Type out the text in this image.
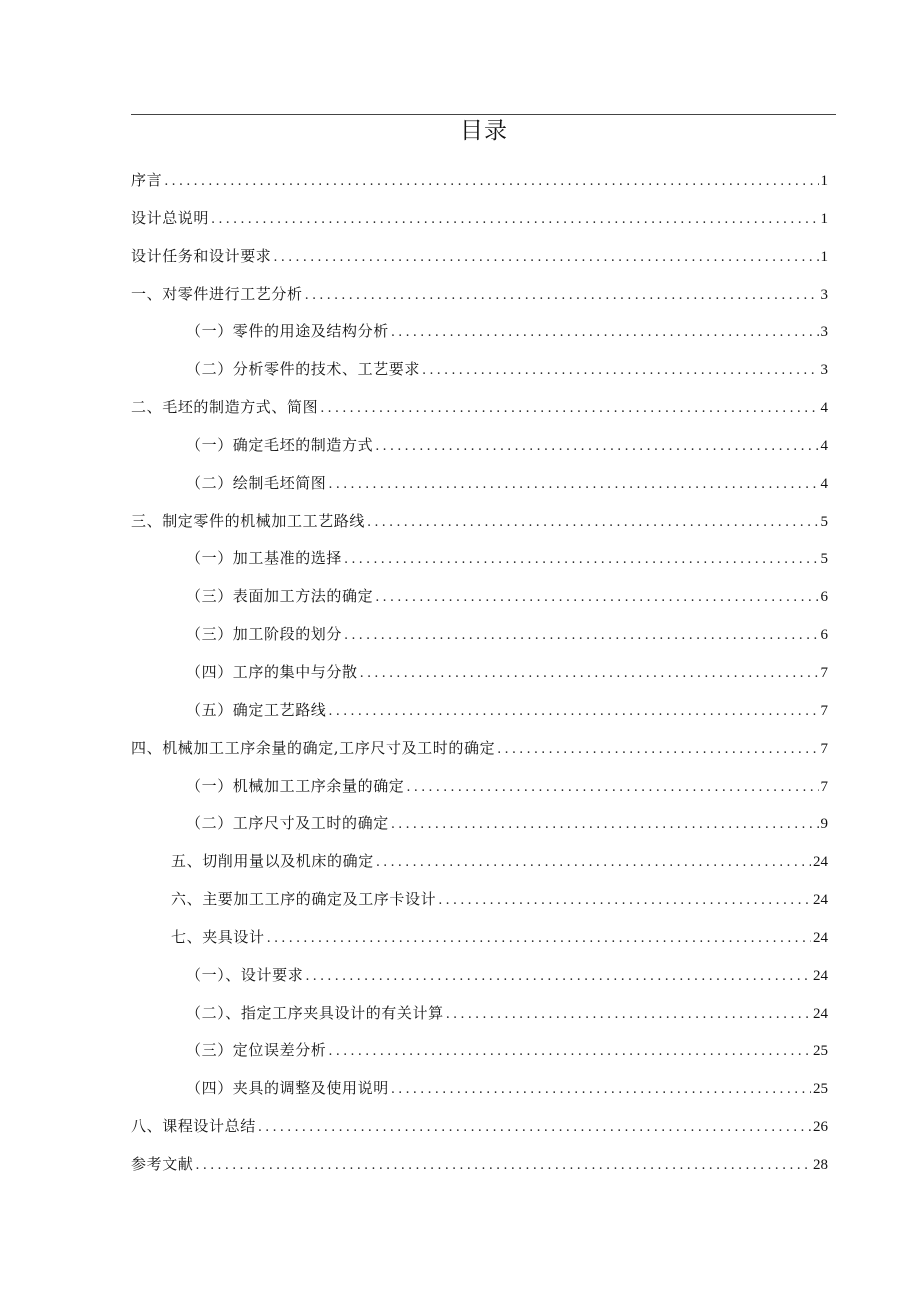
目录
序言 .....	1
设计总说明 .....	1
设计任务和设计要求 .....	1
一、对零件进行工艺分析 .....	3
（一）零件的用途及结构分析 .....	3
（二）分析零件的技术、工艺要求 .....	3
二、毛坯的制造方式、简图 .....	4
（一）确定毛坯的制造方式 .....	4
（二）绘制毛坯简图 .....	4
三、制定零件的机械加工工艺路线 .....	5
（一）加工基准的选择 .....	5
（三）表面加工方法的确定 .....	6
（三）加工阶段的划分 .....	6
（四）工序的集中与分散 .....	7
（五）确定工艺路线 .....	7
四、机械加工工序余量的确定,工序尺寸及工时的确定 .....	7
（一）机械加工工序余量的确定 .....	7
（二）工序尺寸及工时的确定 .....	9
五、切削用量以及机床的确定 .....	24
六、主要加工工序的确定及工序卡设计 .....	24
七、夹具设计 .....	24
（一）、设计要求 .....	24
（二）、指定工序夹具设计的有关计算 .....	24
（三）定位误差分析 .....	25
（四）夹具的调整及使用说明 .....	25
八、课程设计总结 .....	26
参考文献 .....	28
